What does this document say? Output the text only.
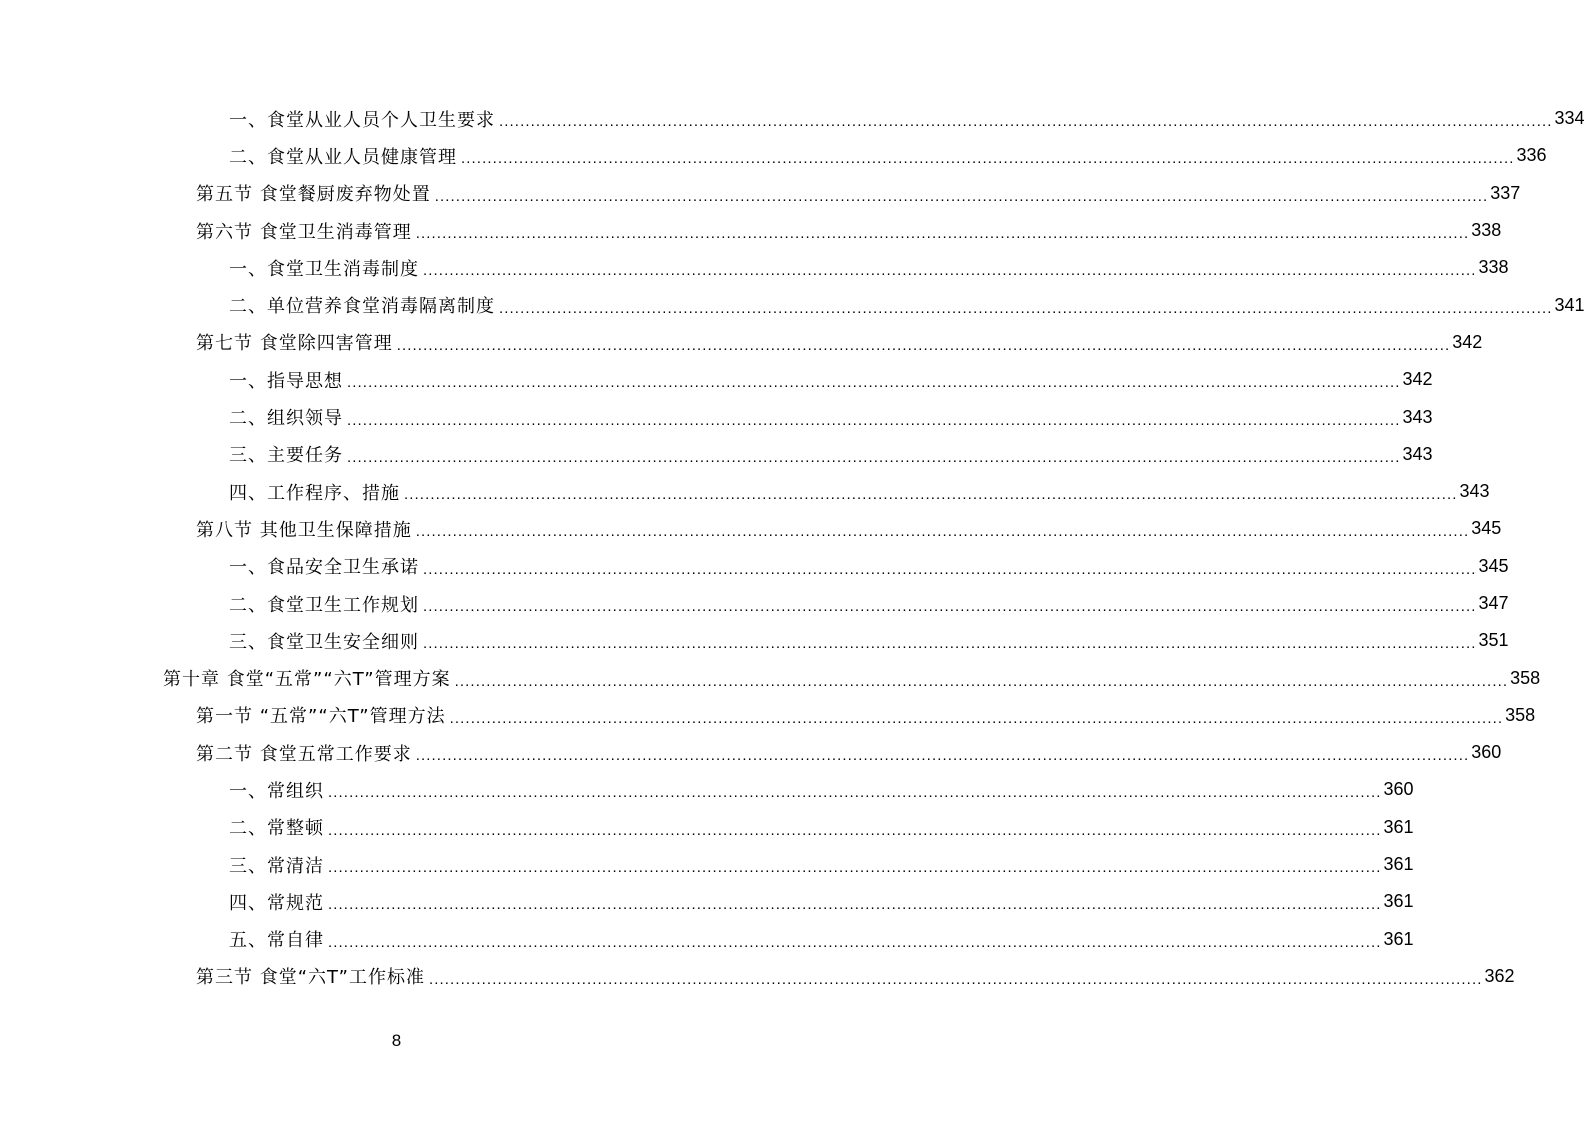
一、食堂从业人员个人卫生要求 .....	334
二、食堂从业人员健康管理 .....	336
第五节 食堂餐厨废弃物处置 .....	337
第六节 食堂卫生消毒管理 .....	338
一、食堂卫生消毒制度 .....	338
二、单位营养食堂消毒隔离制度 .....	341
第七节 食堂除四害管理 .....	342
一、指导思想 .....	342
二、组织领导 .....	343
三、主要任务 .....	343
四、工作程序、措施 .....	343
第八节 其他卫生保障措施 .....	345
一、食品安全卫生承诺 .....	345
二、食堂卫生工作规划 .....	347
三、食堂卫生安全细则 .....	351
第十章 食堂“五常”“六T”管理方案 .....	358
第一节 “五常”“六T”管理方法 .....	358
第二节 食堂五常工作要求 .....	360
一、常组织 .....	360
二、常整顿 .....	361
三、常清洁 .....	361
四、常规范 .....	361
五、常自律 .....	361
第三节 食堂“六T”工作标准 .....	362
8
